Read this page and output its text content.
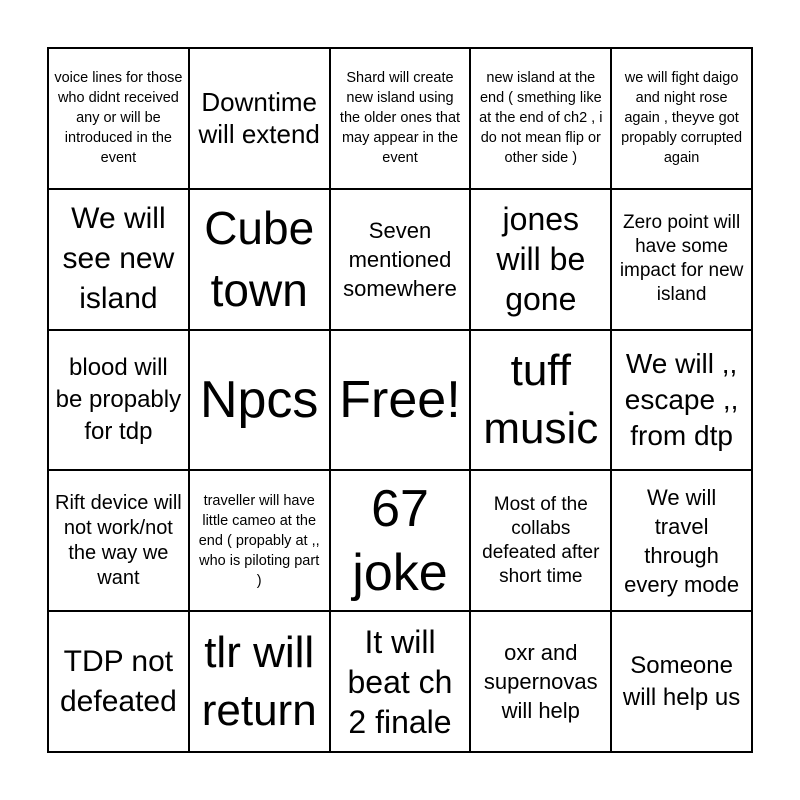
voice lines for those who didnt received any or will be introduced in the event
Downtime will extend
Shard will create new island using the older ones that may appear in the event
new island at the end ( smething like at the end of ch2 , i do not mean flip or other side )
we will fight daigo and night rose again , theyve got propably corrupted again
We will see new island
Cube town
Seven mentioned somewhere
jones will be gone
Zero point will have some impact for new island
blood will be propably for tdp
Npcs Free!
tuff music
We will ,, escape ,, from dtp
Rift device will not work/not the way we want
traveller will have little cameo at the end ( propably at ,, who is piloting part )
67 joke
Most of the collabs defeated after short time
We will travel through every mode
TDP not defeated
tlr will return
It will beat ch 2 finale
oxr and supernovas will help
Someone will help us
